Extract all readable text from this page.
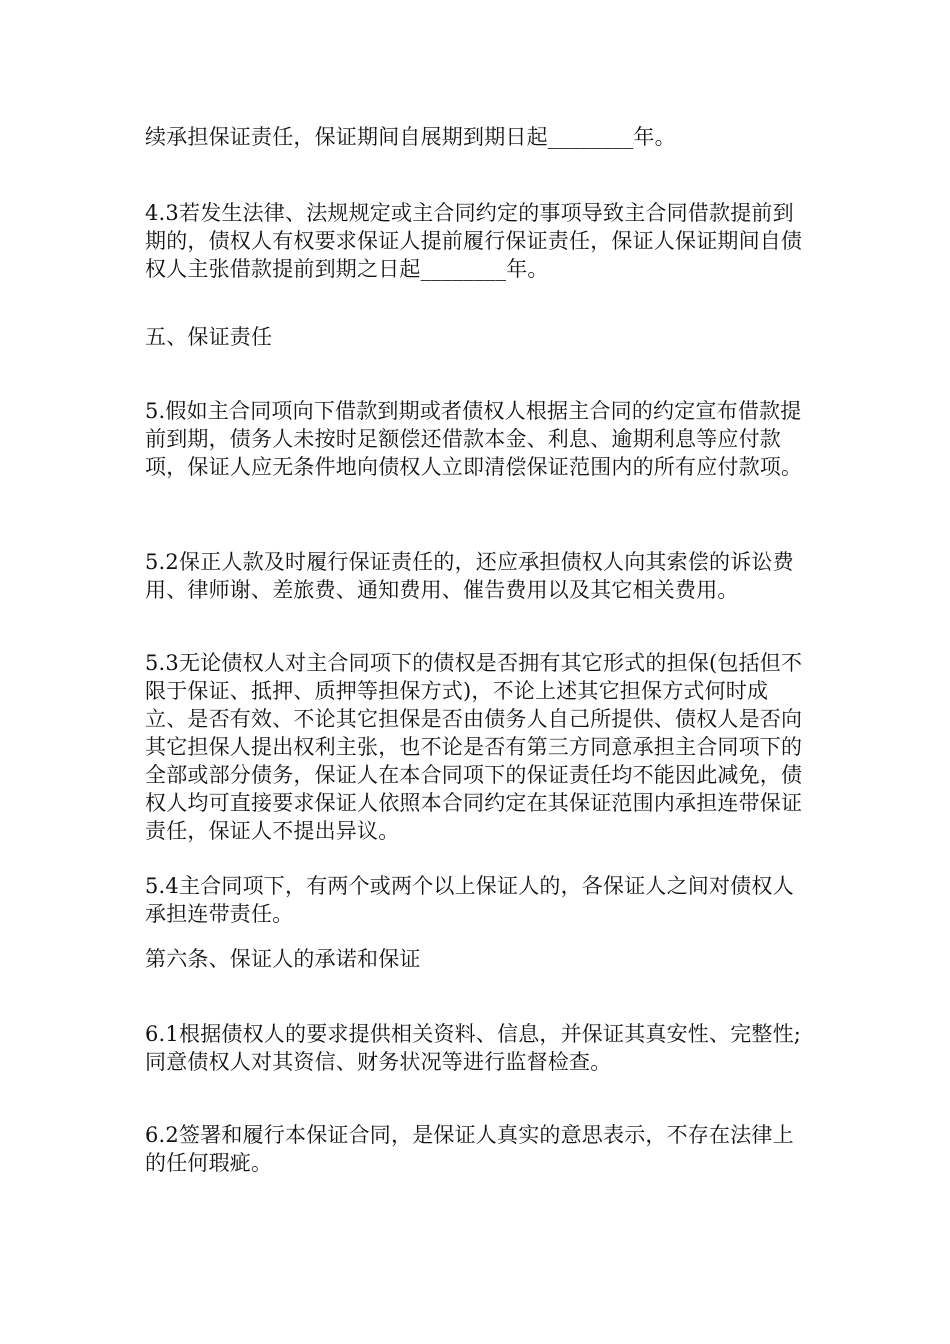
续承担保证责任，保证期间自展期到期日起________年。

4.3若发生法律、法规规定或主合同约定的事项导致主合同借款提前到期的，债权人有权要求保证人提前履行保证责任，保证人保证期间自债权人主张借款提前到期之日起________年。

五、保证责任

5.假如主合同项向下借款到期或者债权人根据主合同的约定宣布借款提前到期，债务人未按时足额偿还借款本金、利息、逾期利息等应付款项，保证人应无条件地向债权人立即清偿保证范围内的所有应付款项。

5.2保正人款及时履行保证责任的，还应承担债权人向其索偿的诉讼费用、律师谢、差旅费、通知费用、催告费用以及其它相关费用。

5.3无论债权人对主合同项下的债权是否拥有其它形式的担保(包括但不限于保证、抵押、质押等担保方式)，不论上述其它担保方式何时成立、是否有效、不论其它担保是否由债务人自己所提供、债权人是否向其它担保人提出权利主张，也不论是否有第三方同意承担主合同项下的全部或部分债务，保证人在本合同项下的保证责任均不能因此减免，债权人均可直接要求保证人依照本合同约定在其保证范围内承担连带保证责任，保证人不提出异议。

5.4主合同项下，有两个或两个以上保证人的，各保证人之间对债权人承担连带责任。

第六条、保证人的承诺和保证

6.1根据债权人的要求提供相关资料、信息，并保证其真安性、完整性;同意债权人对其资信、财务状况等进行监督检查。

6.2签署和履行本保证合同，是保证人真实的意思表示，不存在法律上的任何瑕疵。
